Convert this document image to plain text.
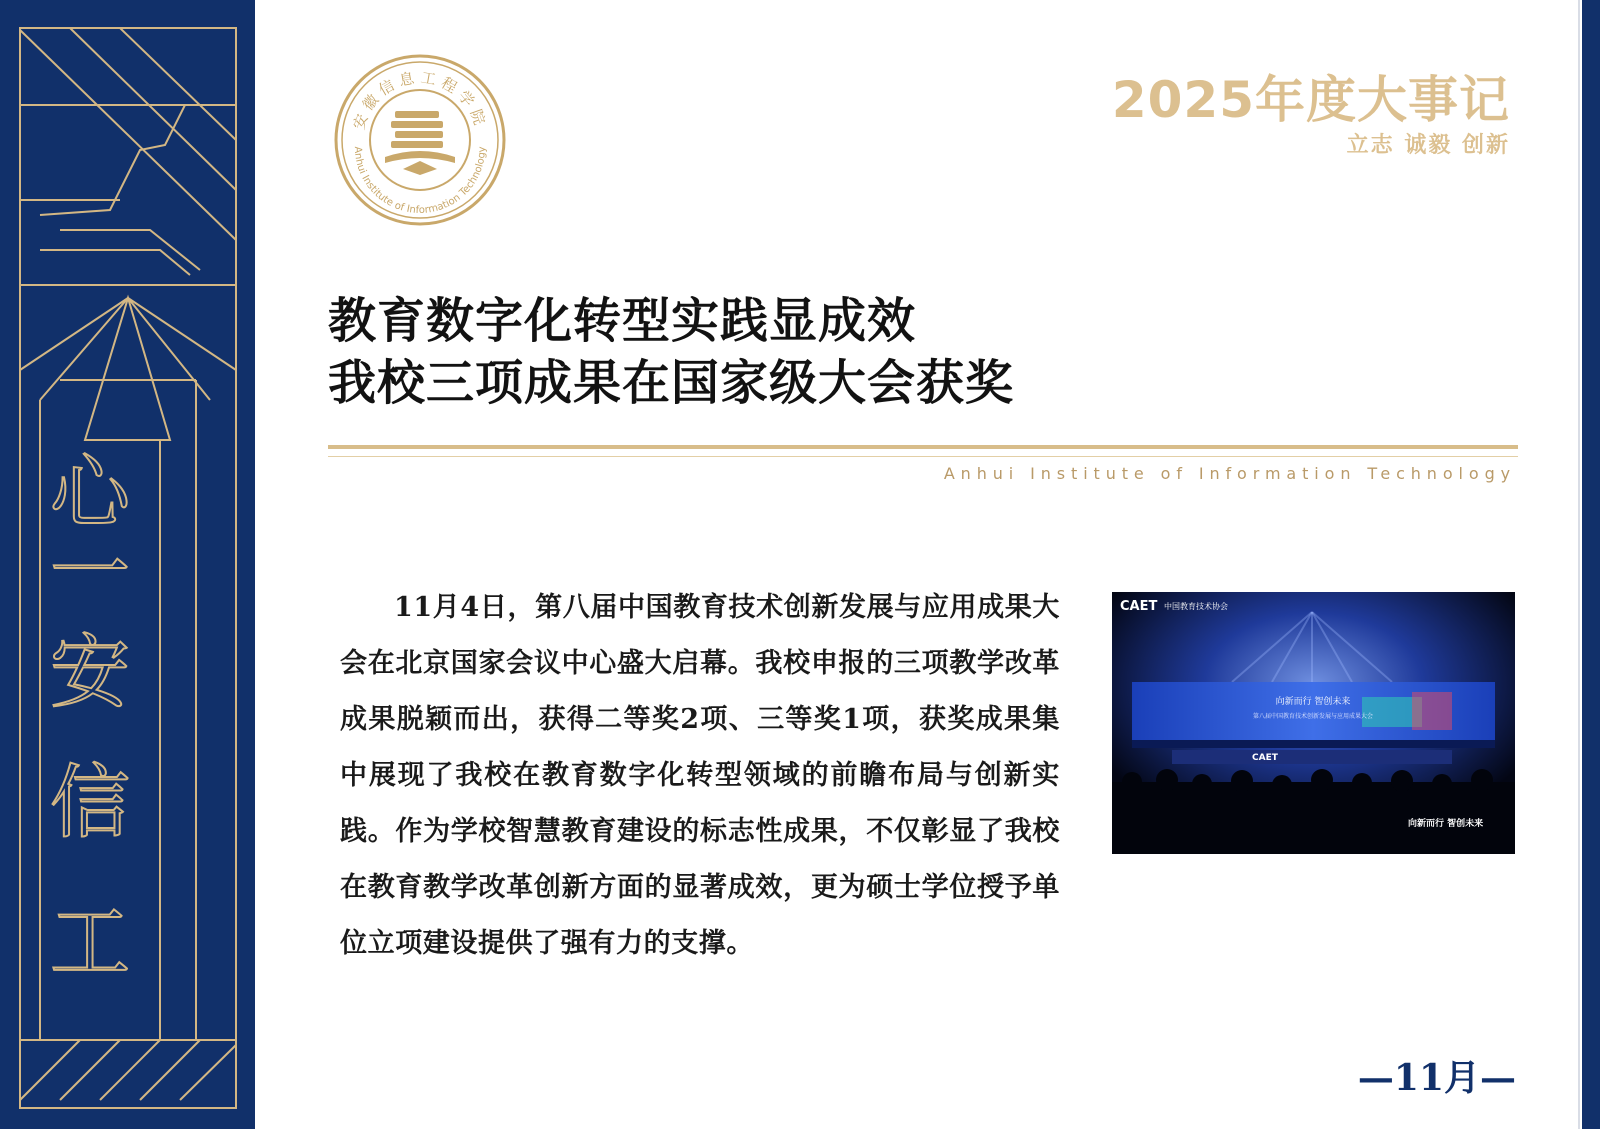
心
一
安
信
工
安徽信息工程学院
Anhui Institute of Information Technology
2025年度大事记
立志 诚毅 创新
教育数字化转型实践显成效
我校三项成果在国家级大会获奖
Anhui Institute of Information Technology
11月4日，第八届中国教育技术创新发展与应用成果大会在北京国家会议中心盛大启幕。我校申报的三项教学改革成果脱颖而出，获得二等奖2项、三等奖1项，获奖成果集中展现了我校在教育数字化转型领域的前瞻布局与创新实践。作为学校智慧教育建设的标志性成果，不仅彰显了我校在教育教学改革创新方面的显著成效，更为硕士学位授予单位立项建设提供了强有力的支撑。
CAET 中国教育技术协会
向新而行 智创未来
第八届中国教育技术创新发展与应用成果大会
CAET
向新而行 智创未来
—11月—
